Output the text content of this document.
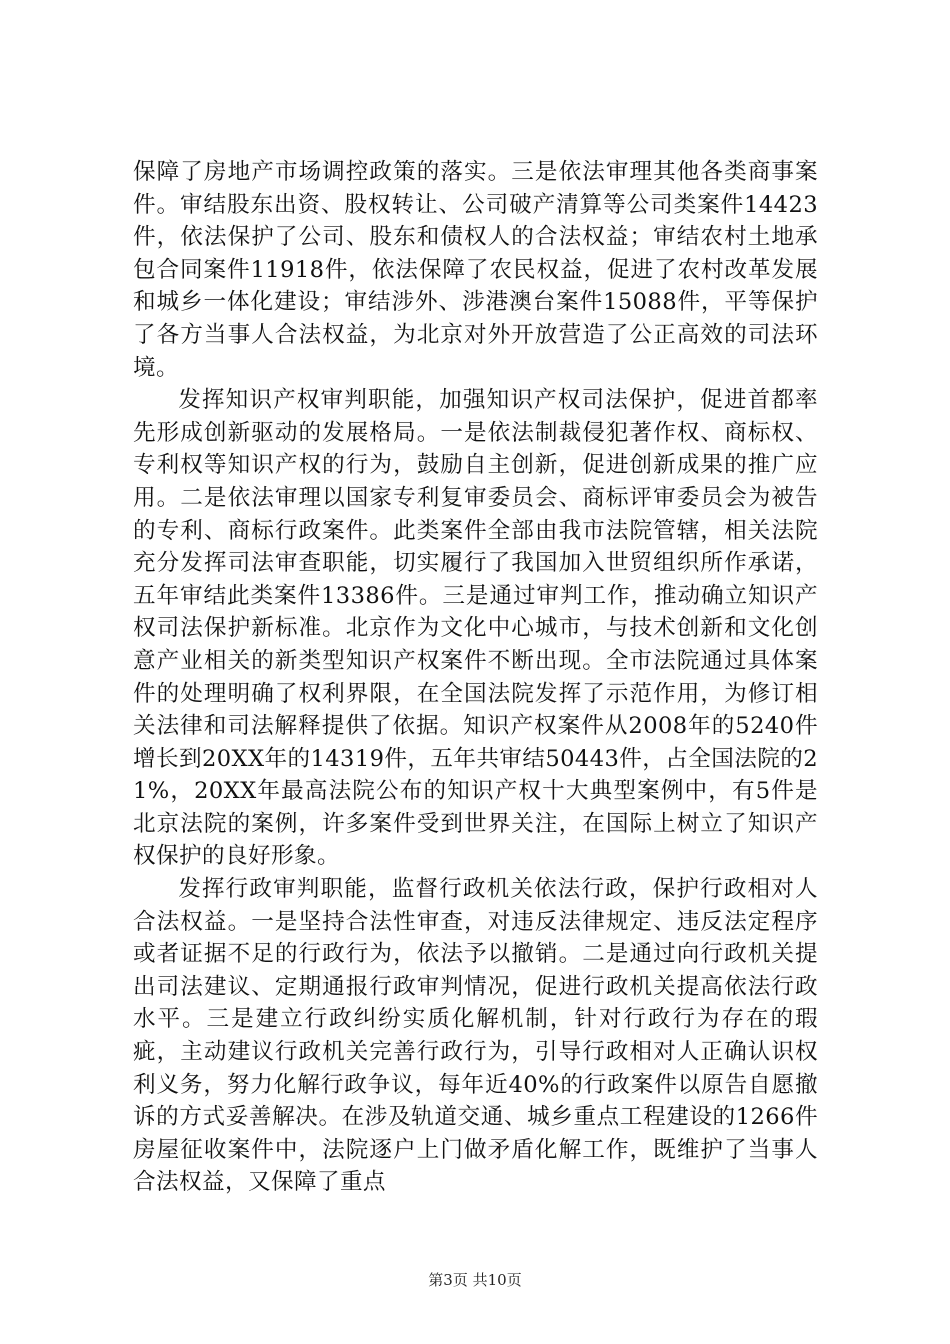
保障了房地产市场调控政策的落实。三是依法审理其他各类商事案件。审结股东出资、股权转让、公司破产清算等公司类案件14423件，依法保护了公司、股东和债权人的合法权益；审结农村土地承包合同案件11918件，依法保障了农民权益，促进了农村改革发展和城乡一体化建设；审结涉外、涉港澳台案件15088件，平等保护了各方当事人合法权益，为北京对外开放营造了公正高效的司法环境。

发挥知识产权审判职能，加强知识产权司法保护，促进首都率先形成创新驱动的发展格局。一是依法制裁侵犯著作权、商标权、专利权等知识产权的行为，鼓励自主创新，促进创新成果的推广应用。二是依法审理以国家专利复审委员会、商标评审委员会为被告的专利、商标行政案件。此类案件全部由我市法院管辖，相关法院充分发挥司法审查职能，切实履行了我国加入世贸组织所作承诺，五年审结此类案件13386件。三是通过审判工作，推动确立知识产权司法保护新标准。北京作为文化中心城市，与技术创新和文化创意产业相关的新类型知识产权案件不断出现。全市法院通过具体案件的处理明确了权利界限，在全国法院发挥了示范作用，为修订相关法律和司法解释提供了依据。知识产权案件从2008年的5240件增长到20XX年的14319件，五年共审结50443件，占全国法院的21%，20XX年最高法院公布的知识产权十大典型案例中，有5件是北京法院的案例，许多案件受到世界关注，在国际上树立了知识产权保护的良好形象。

发挥行政审判职能，监督行政机关依法行政，保护行政相对人合法权益。一是坚持合法性审查，对违反法律规定、违反法定程序或者证据不足的行政行为，依法予以撤销。二是通过向行政机关提出司法建议、定期通报行政审判情况，促进行政机关提高依法行政水平。三是建立行政纠纷实质化解机制，针对行政行为存在的瑕疵，主动建议行政机关完善行政行为，引导行政相对人正确认识权利义务，努力化解行政争议，每年近40%的行政案件以原告自愿撤诉的方式妥善解决。在涉及轨道交通、城乡重点工程建设的1266件房屋征收案件中，法院逐户上门做矛盾化解工作，既维护了当事人合法权益，又保障了重点

第3页 共10页
